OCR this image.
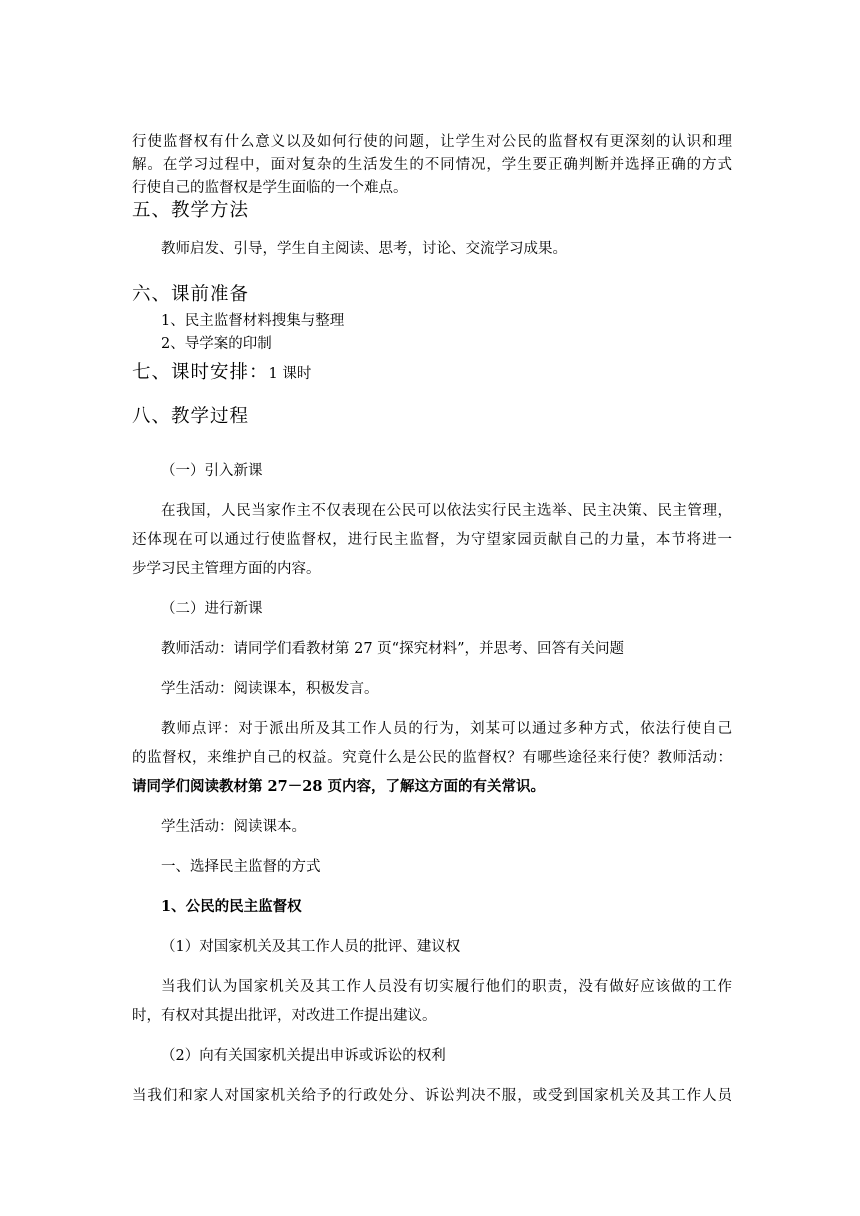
行使监督权有什么意义以及如何行使的问题，让学生对公民的监督权有更深刻的认识和理
解。在学习过程中，面对复杂的生活发生的不同情况，学生要正确判断并选择正确的方式
行使自己的监督权是学生面临的一个难点。
五、教学方法
教师启发、引导，学生自主阅读、思考，讨论、交流学习成果。
六、课前准备
1、民主监督材料搜集与整理
2、导学案的印制
七、课时安排：1 课时
八、教学过程
（一）引入新课
在我国，人民当家作主不仅表现在公民可以依法实行民主选举、民主决策、民主管理，
还体现在可以通过行使监督权，进行民主监督，为守望家园贡献自己的力量，本节将进一
步学习民主管理方面的内容。
（二）进行新课
教师活动：请同学们看教材第 27 页“探究材料”，并思考、回答有关问题
学生活动：阅读课本，积极发言。
教师点评：对于派出所及其工作人员的行为，刘某可以通过多种方式，依法行使自己
的监督权，来维护自己的权益。究竟什么是公民的监督权？有哪些途径来行使？教师活动：
请同学们阅读教材第 27－28 页内容，了解这方面的有关常识。
学生活动：阅读课本。
一、选择民主监督的方式
1、公民的民主监督权
（1）对国家机关及其工作人员的批评、建议权
当我们认为国家机关及其工作人员没有切实履行他们的职责，没有做好应该做的工作
时，有权对其提出批评，对改进工作提出建议。
（2）向有关国家机关提出申诉或诉讼的权利
当我们和家人对国家机关给予的行政处分、诉讼判决不服，或受到国家机关及其工作人员
